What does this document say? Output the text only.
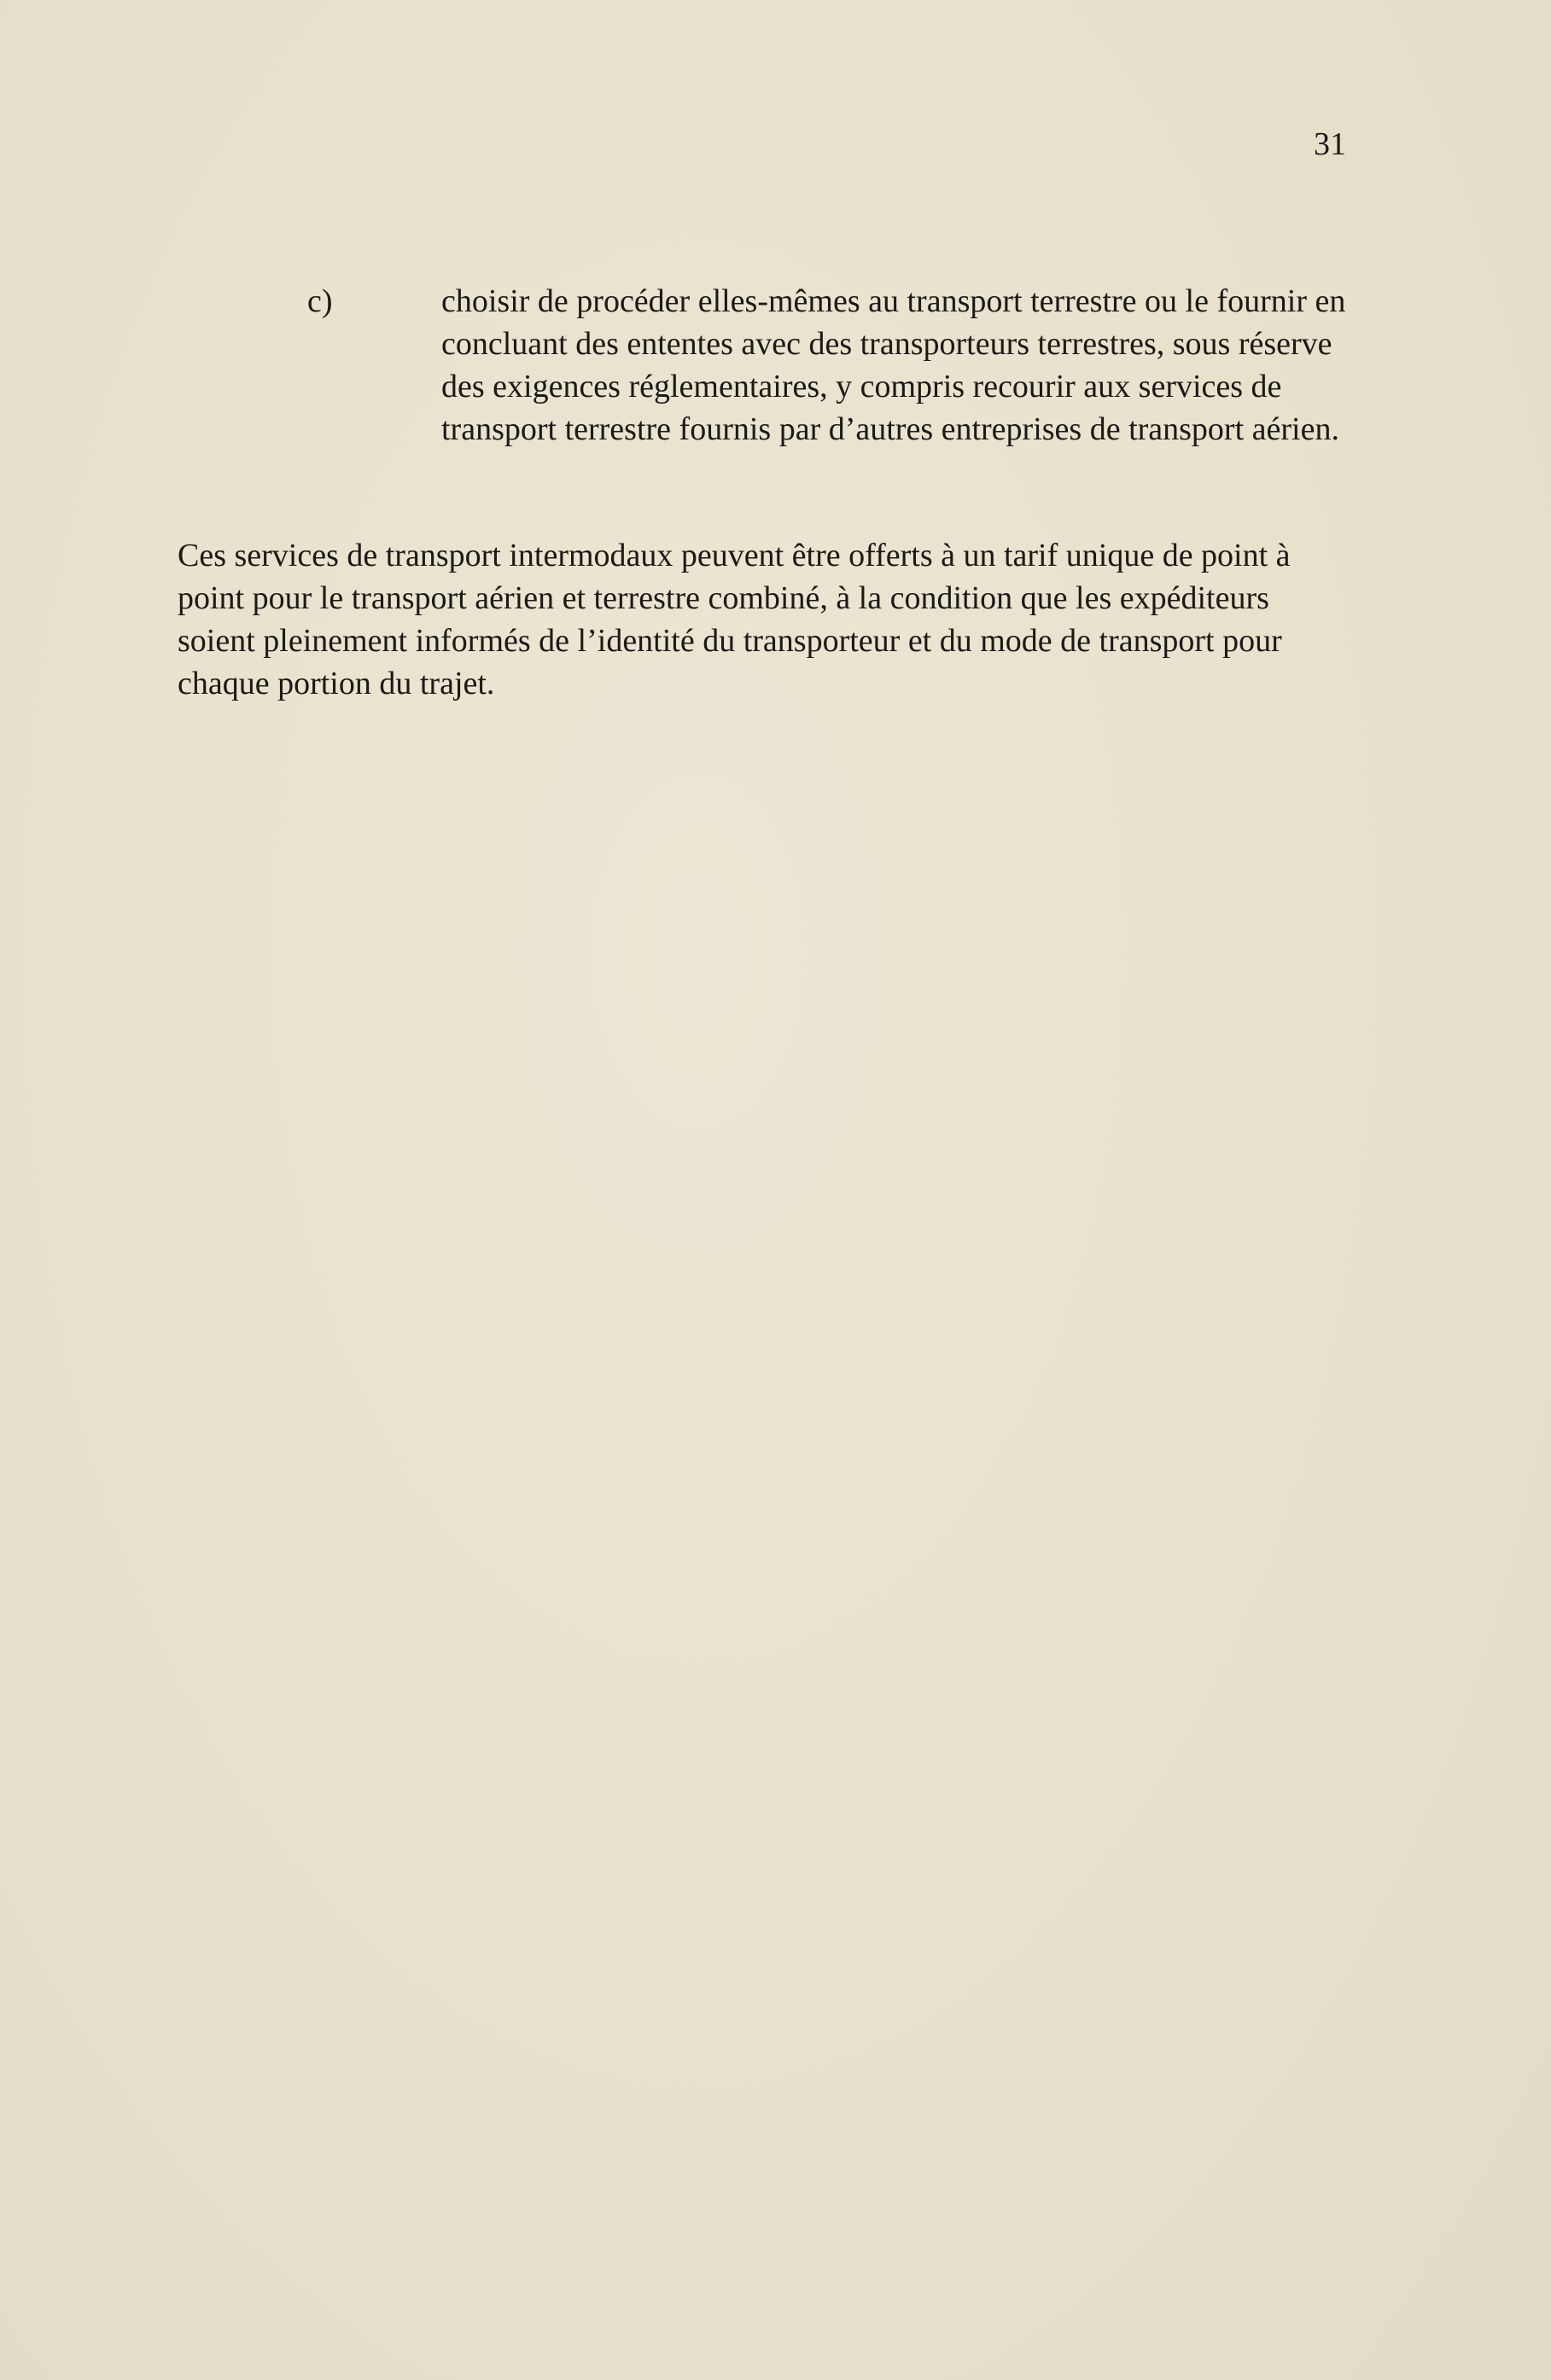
31
c)	choisir de procéder elles-mêmes au transport terrestre ou le fournir en concluant des ententes avec des transporteurs terrestres, sous réserve des exigences réglementaires, y compris recourir aux services de transport terrestre fournis par d’autres entreprises de transport aérien.

Ces services de transport intermodaux peuvent être offerts à un tarif unique de point à point pour le transport aérien et terrestre combiné, à la condition que les expéditeurs soient pleinement informés de l’identité du transporteur et du mode de transport pour chaque portion du trajet.
